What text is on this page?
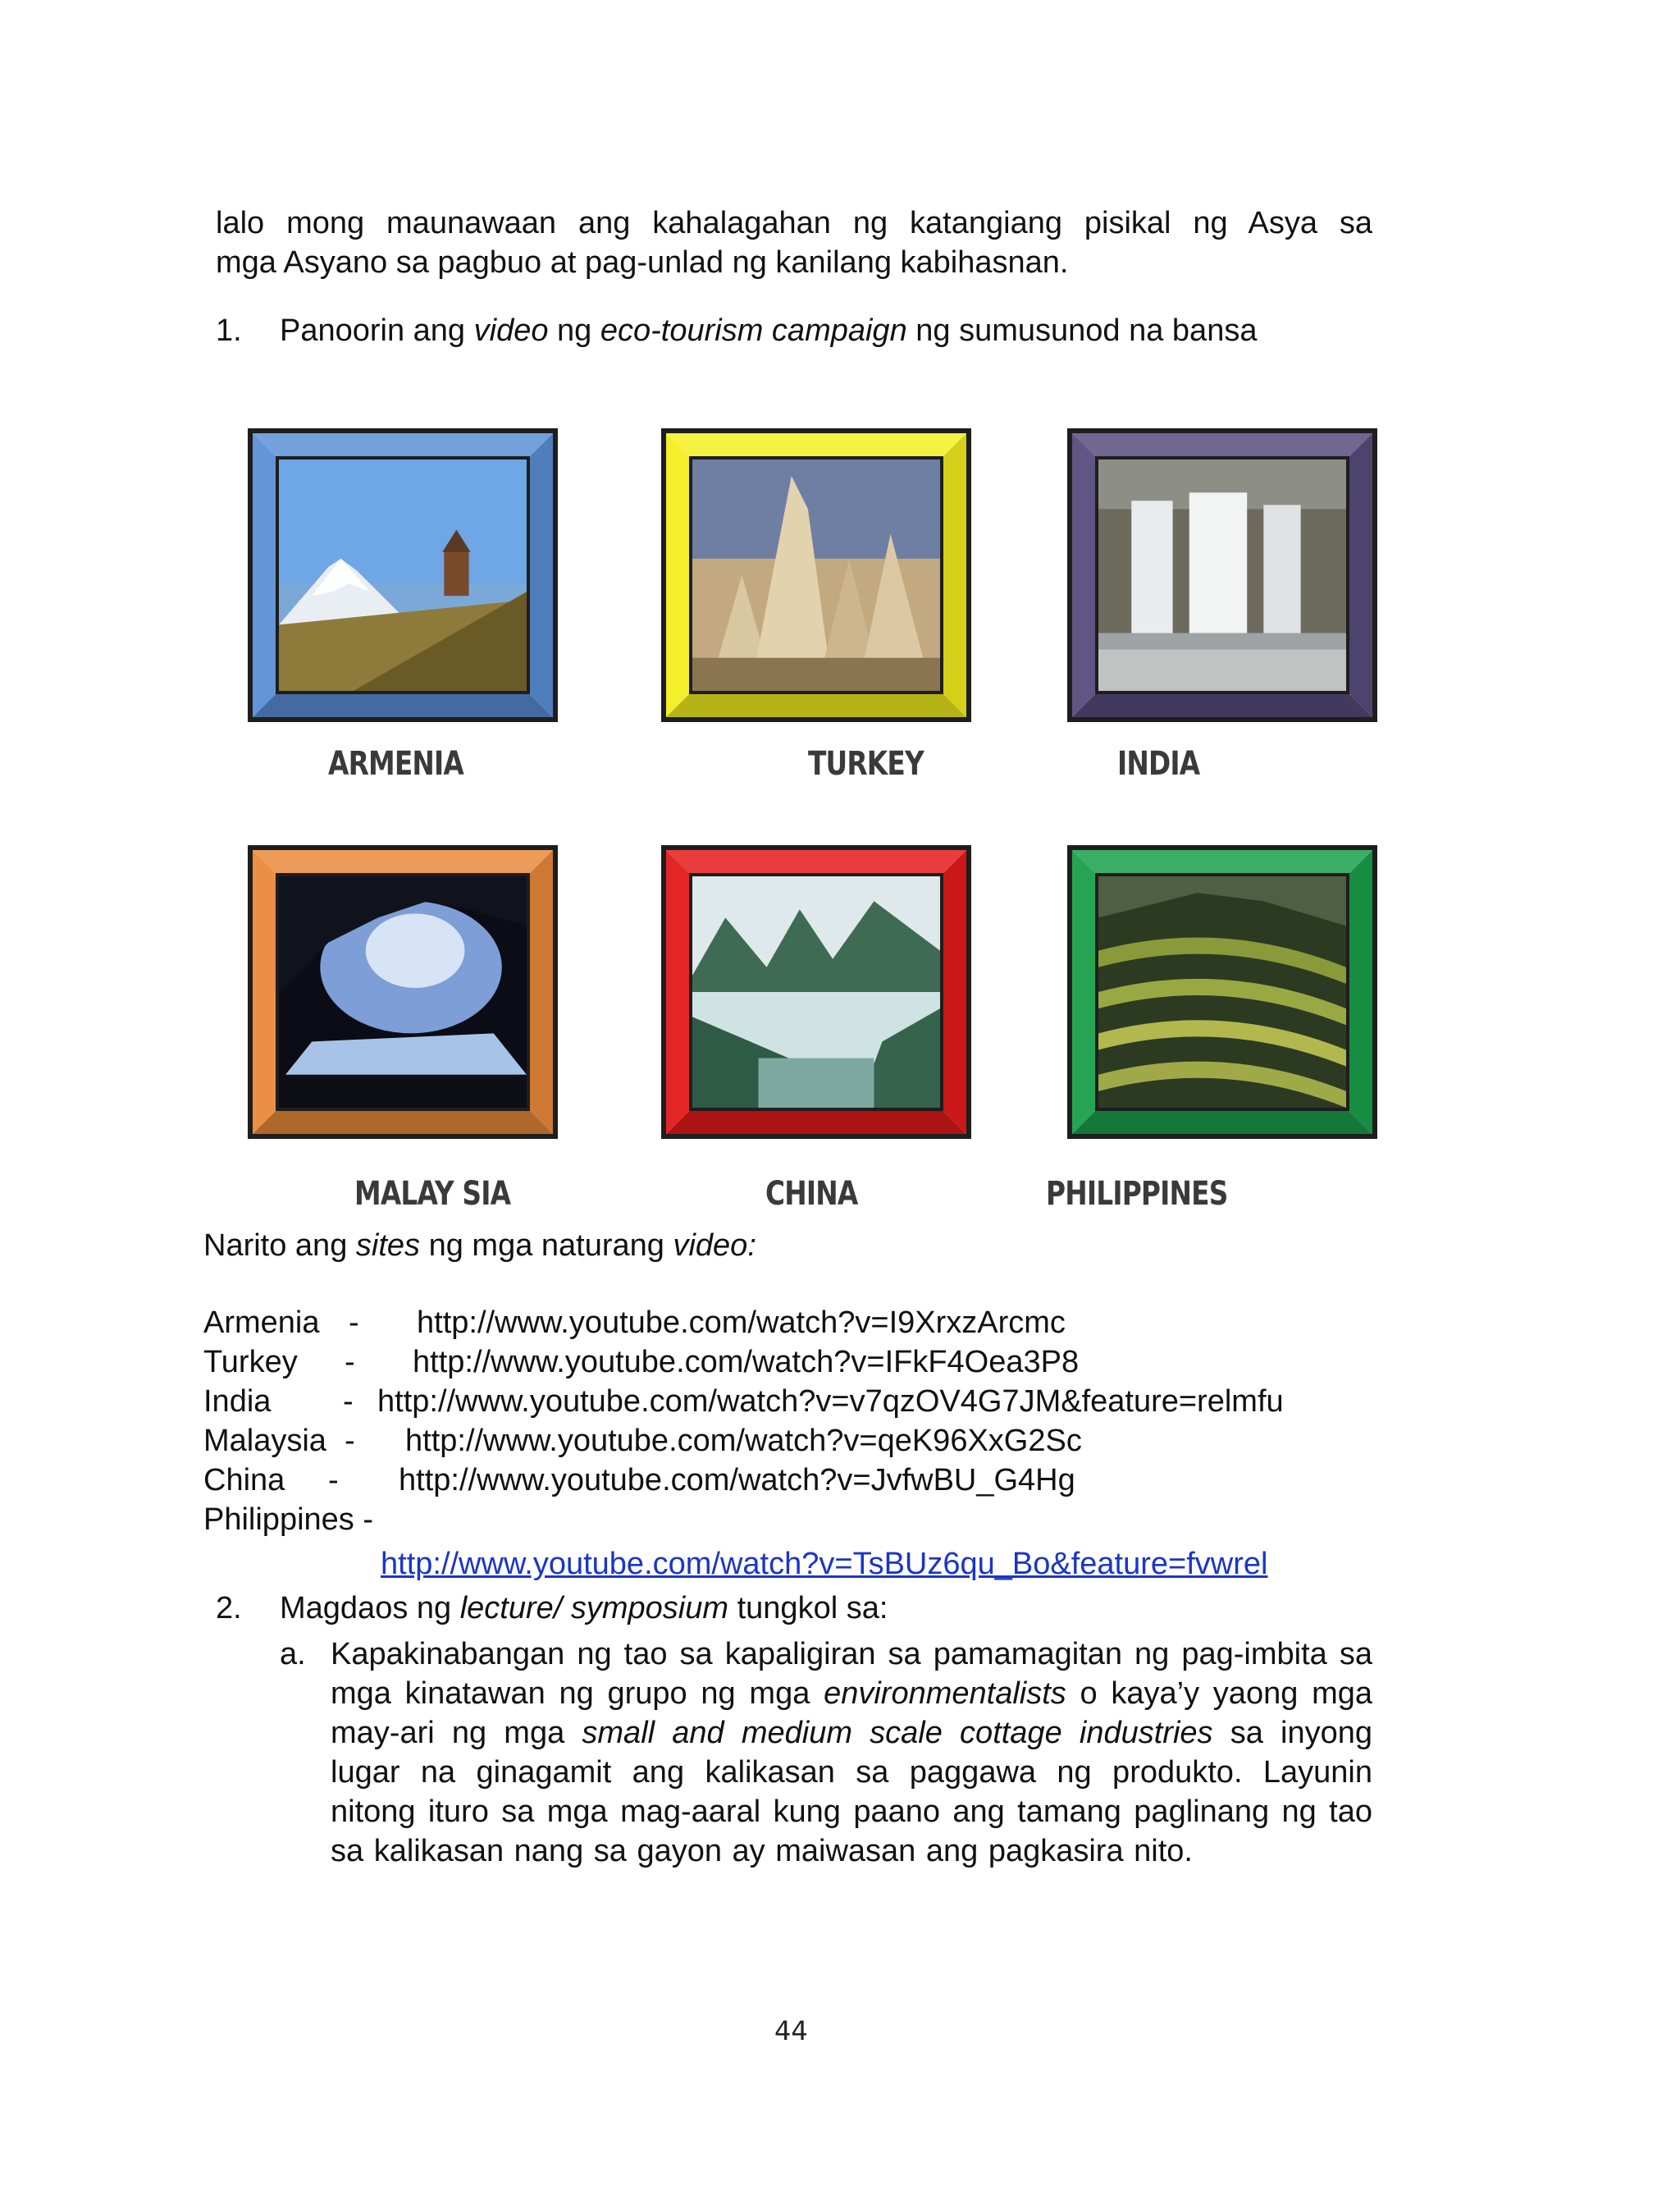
lalo mong maunawaan ang kahalagahan ng katangiang pisikal ng Asya sa
mga Asyano sa pagbuo at pag-unlad ng kanilang kabihasnan.
1. Panoorin ang video ng eco-tourism campaign ng sumusunod na bansa
ARMENIA	TURKEY	INDIA
MALAY SIA	CHINA	PHILIPPINES
Narito ang sites ng mga naturang video:
Armenia - http://www.youtube.com/watch?v=I9XrxzArcmc
Turkey - http://www.youtube.com/watch?v=IFkF4Oea3P8
India - http://www.youtube.com/watch?v=v7qzOV4G7JM&feature=relmfu
Malaysia - http://www.youtube.com/watch?v=qeK96XxG2Sc
China - http://www.youtube.com/watch?v=JvfwBU_G4Hg
Philippines -
http://www.youtube.com/watch?v=TsBUz6qu_Bo&feature=fvwrel
2. Magdaos ng lecture/ symposium tungkol sa:
a. Kapakinabangan ng tao sa kapaligiran sa pamamagitan ng pag-imbita sa mga kinatawan ng grupo ng mga environmentalists o kaya’y yaong mga may-ari ng mga small and medium scale cottage industries sa inyong lugar na ginagamit ang kalikasan sa paggawa ng produkto. Layunin nitong ituro sa mga mag-aaral kung paano ang tamang paglinang ng tao sa kalikasan nang sa gayon ay maiwasan ang pagkasira nito.
44
